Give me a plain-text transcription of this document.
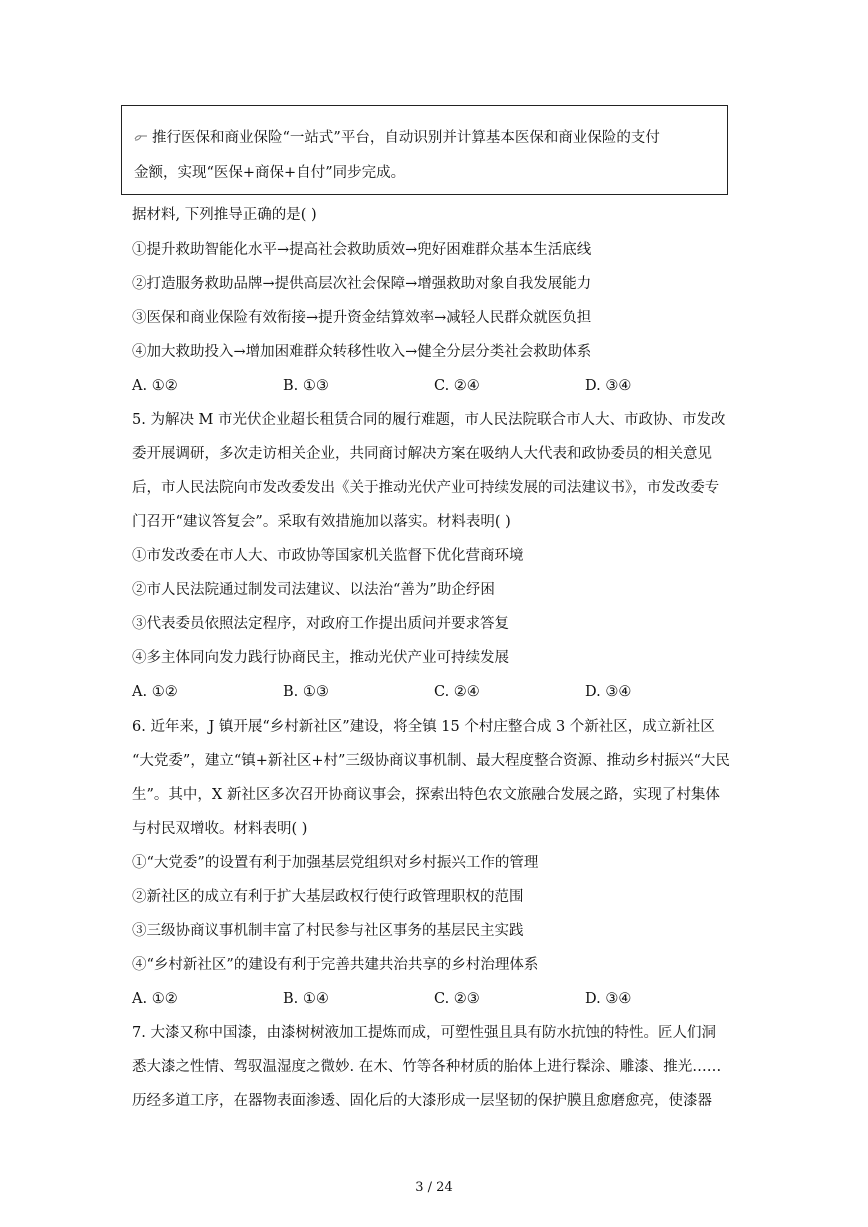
推行医保和商业保险“一站式”平台，自动识别并计算基本医保和商业保险的支付
金额，实现“医保+商保+自付”同步完成。
据材料, 下列推导正确的是( )
①提升救助智能化水平→提高社会救助质效→兜好困难群众基本生活底线
②打造服务救助品牌→提供高层次社会保障→增强救助对象自我发展能力
③医保和商业保险有效衔接→提升资金结算效率→减轻人民群众就医负担
④加大救助投入→增加困难群众转移性收入→健全分层分类社会救助体系
A. ①②	B. ①③	C. ②④	D. ③④
5. 为解决 M 市光伏企业超长租赁合同的履行难题，市人民法院联合市人大、市政协、市发改
委开展调研，多次走访相关企业，共同商讨解决方案在吸纳人大代表和政协委员的相关意见
后，市人民法院向市发改委发出《关于推动光伏产业可持续发展的司法建议书》，市发改委专
门召开“建议答复会”。采取有效措施加以落实。材料表明( )
①市发改委在市人大、市政协等国家机关监督下优化营商环境
②市人民法院通过制发司法建议、以法治“善为”助企纾困
③代表委员依照法定程序，对政府工作提出质问并要求答复
④多主体同向发力践行协商民主，推动光伏产业可持续发展
A. ①②	B. ①③	C. ②④	D. ③④
6. 近年来，J 镇开展“乡村新社区”建设，将全镇 15 个村庄整合成 3 个新社区，成立新社区
“大党委”，建立“镇+新社区+村”三级协商议事机制、最大程度整合资源、推动乡村振兴“大民
生”。其中，X 新社区多次召开协商议事会，探索出特色农文旅融合发展之路，实现了村集体
与村民双增收。材料表明( )
①“大党委”的设置有利于加强基层党组织对乡村振兴工作的管理
②新社区的成立有利于扩大基层政权行使行政管理职权的范围
③三级协商议事机制丰富了村民参与社区事务的基层民主实践
④“乡村新社区”的建设有利于完善共建共治共享的乡村治理体系
A. ①②	B. ①④	C. ②③	D. ③④
7. 大漆又称中国漆，由漆树树液加工提炼而成，可塑性强且具有防水抗蚀的特性。匠人们洞
悉大漆之性情、驾驭温湿度之微妙. 在木、竹等各种材质的胎体上进行髹涂、雕漆、推光……
历经多道工序，在器物表面渗透、固化后的大漆形成一层坚韧的保护膜且愈磨愈亮，使漆器
3 / 24
